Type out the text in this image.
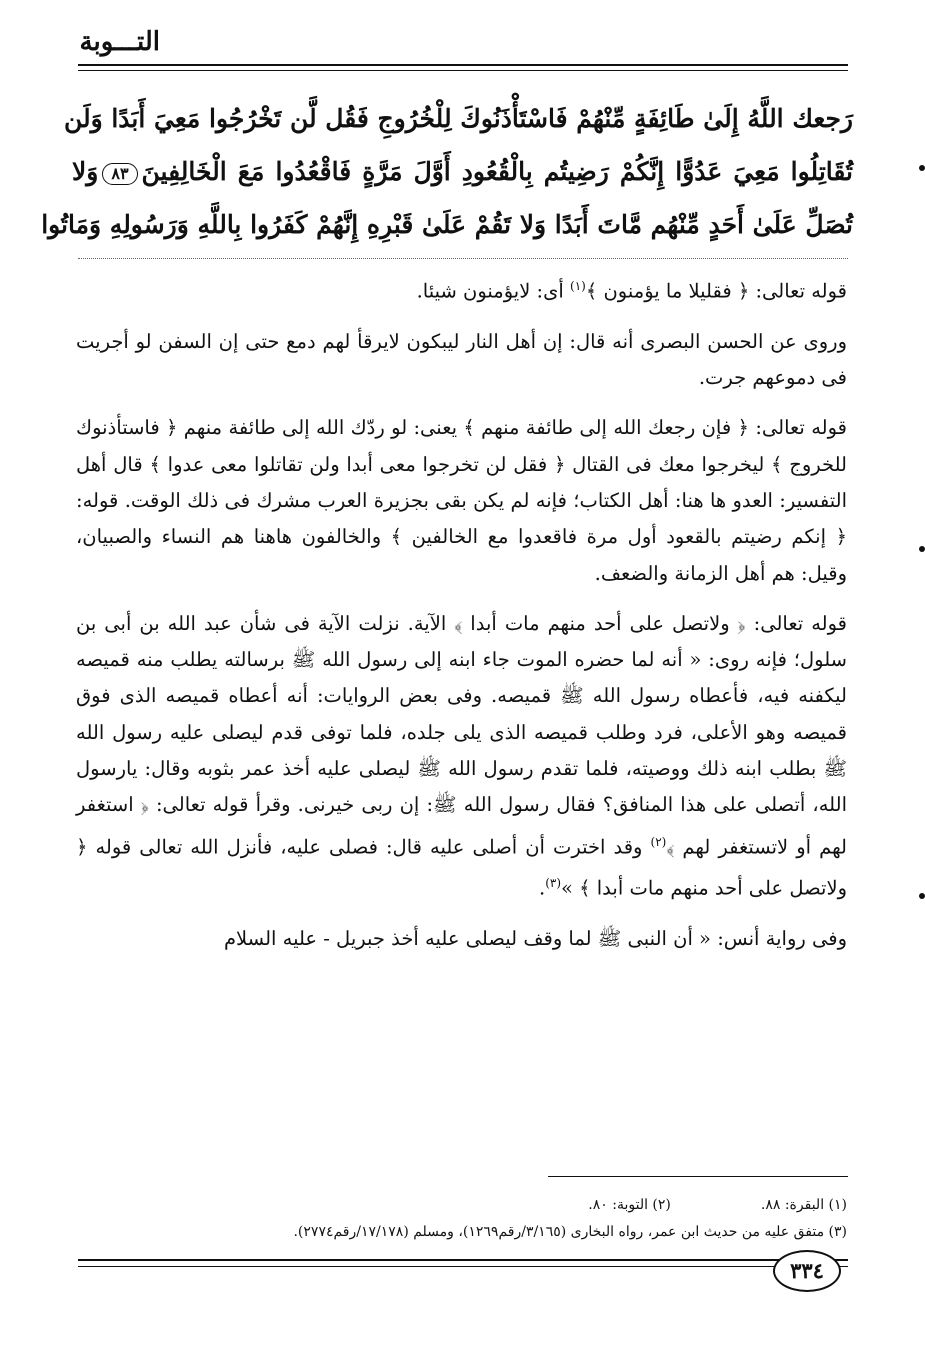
التـــوبة
رَجعك اللَّهُ إِلَىٰ طَائِفَةٍ مِّنْهُمْ فَاسْتَأْذَنُوكَ لِلْخُرُوجِ فَقُل لَّن تَخْرُجُوا مَعِيَ أَبَدًا وَلَن
تُقَاتِلُوا مَعِيَ عَدُوًّا إِنَّكُمْ رَضِيتُم بِالْقُعُودِ أَوَّلَ مَرَّةٍ فَاقْعُدُوا مَعَ الْخَالِفِينَ٨٣وَلا
تُصَلِّ عَلَىٰ أَحَدٍ مِّنْهُم مَّاتَ أَبَدًا وَلا تَقُمْ عَلَىٰ قَبْرِهِ إِنَّهُمْ كَفَرُوا بِاللَّهِ وَرَسُولِهِ وَمَاتُوا

قوله تعالى: ﴿ فقليلا ما يؤمنون ﴾$^{(١)}$ أى: لايؤمنون شيئا.

وروى عن الحسن البصرى أنه قال: إن أهل النار ليبكون لايرقأ لهم دمع حتى إن السفن لو أجريت فى دموعهم جرت.

قوله تعالى: ﴿ فإن رجعك الله إلى طائفة منهم ﴾ يعنى: لو ردّك الله إلى طائفة منهم ﴿ فاستأذنوك للخروج ﴾ ليخرجوا معك فى القتال ﴿ فقل لن تخرجوا معى أبدا ولن تقاتلوا معى عدوا ﴾ قال أهل التفسير: العدو ها هنا: أهل الكتاب؛ فإنه لم يكن بقى بجزيرة العرب مشرك فى ذلك الوقت. قوله: ﴿ إنكم رضيتم بالقعود أول مرة فاقعدوا مع الخالفين ﴾ والخالفون هاهنا هم النساء والصبيان، وقيل: هم أهل الزمانة والضعف.

قوله تعالى: ﴿ ولاتصل على أحد منهم مات أبدا ﴾ الآية. نزلت الآية فى شأن عبد الله بن أبى بن سلول؛ فإنه روى: « أنه لما حضره الموت جاء ابنه إلى رسول الله ﷺ برسالته يطلب منه قميصه ليكفنه فيه، فأعطاه رسول الله ﷺ قميصه. وفى بعض الروايات: أنه أعطاه قميصه الذى فوق قميصه وهو الأعلى، فرد وطلب قميصه الذى يلى جلده، فلما توفى قدم ليصلى عليه رسول الله ﷺ بطلب ابنه ذلك ووصيته، فلما تقدم رسول الله ﷺ ليصلى عليه أخذ عمر بثوبه وقال: يارسول الله، أتصلى على هذا المنافق؟ فقال رسول الله ﷺ: إن ربى خيرنى. وقرأ قوله تعالى: ﴿ استغفر لهم أو لاتستغفر لهم ﴾$^{(٢)}$ وقد اخترت أن أصلى عليه قال: فصلى عليه، فأنزل الله تعالى قوله ﴿ ولاتصل على أحد منهم مات أبدا ﴾ »$^{(٣)}$.

وفى رواية أنس: « أن النبى ﷺ لما وقف ليصلى عليه أخذ جبريل - عليه السلام

(١) البقرة: ٨٨.
(٢) التوبة: ٨٠.
(٣) متفق عليه من حديث ابن عمر، رواه البخارى (٣/١٦٥/رقم١٢٦٩)، ومسلم (١٧/١٧٨/رقم٢٧٧٤).
٣٣٤
